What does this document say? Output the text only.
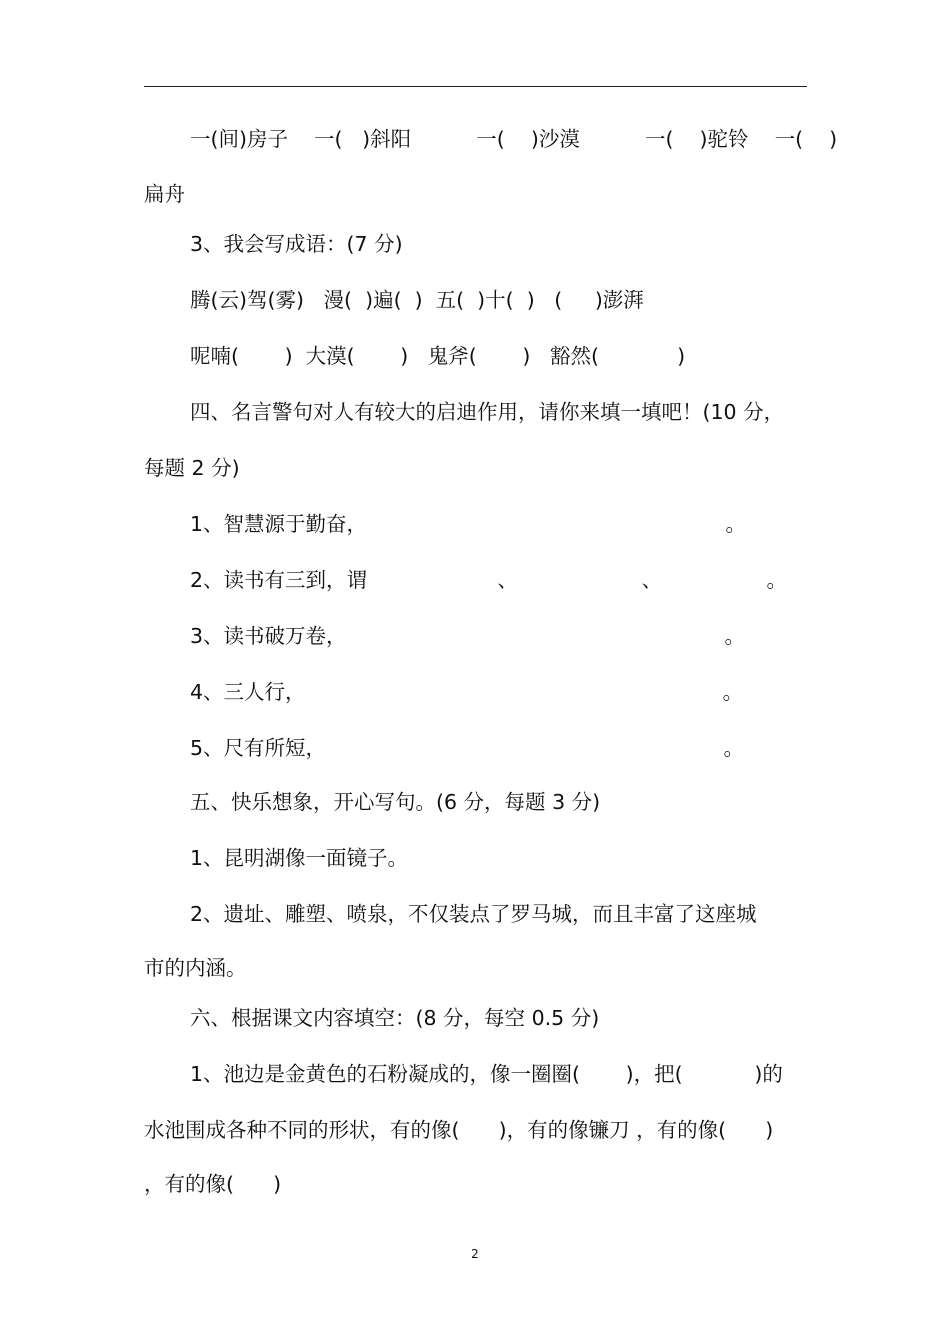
一(间)房子    一(   )斜阳          一(    )沙漠          一(    )驼铃    一(    )
扁舟
3、我会写成语：(7 分)
腾(云)驾(雾)   漫(  )遍(  )  五(  )十(  )   (     )澎湃
呢喃(       )  大漠(       )   鬼斧(       )   豁然(            )
四、名言警句对人有较大的启迪作用，请你来填一填吧！(10 分，
每题 2 分)
1、智慧源于勤奋，                                                       。
2、读书有三到，谓                    、                   、                。
3、读书破万卷，                                                          。
4、三人行，                                                                。
5、尺有所短，                                                             。
五、快乐想象，开心写句。(6 分，每题 3 分)
1、昆明湖像一面镜子。
2、遗址、雕塑、喷泉，不仅装点了罗马城，而且丰富了这座城
市的内涵。
六、根据课文内容填空：(8 分，每空 0.5 分)
1、池边是金黄色的石粉凝成的，像一圈圈(       )，把(           )的
水池围成各种不同的形状，有的像(      )，有的像镰刀 ，有的像(      )
，有的像(      )
2
